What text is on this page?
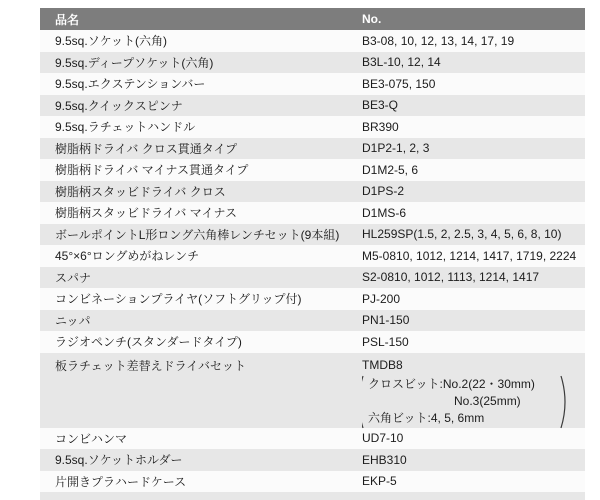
品名	No.
9.5sq.ソケット(六角)	B3-08, 10, 12, 13, 14, 17, 19
9.5sq.ディープソケット(六角)	B3L-10, 12, 14
9.5sq.エクステンションバー	BE3-075, 150
9.5sq.クイックスピンナ	BE3-Q
9.5sq.ラチェットハンドル	BR390
樹脂柄ドライバ クロス貫通タイプ	D1P2-1, 2, 3
樹脂柄ドライバ マイナス貫通タイプ	D1M2-5, 6
樹脂柄スタッビドライバ クロス	D1PS-2
樹脂柄スタッビドライバ マイナス	D1MS-6
ボールポイントL形ロング六角棒レンチセット(9本組)	HL259SP(1.5, 2, 2.5, 3, 4, 5, 6, 8, 10)
45°×6°ロングめがねレンチ	M5-0810, 1012, 1214, 1417, 1719, 2224
スパナ	S2-0810, 1012, 1113, 1214, 1417
コンビネーションプライヤ(ソフトグリップ付)	PJ-200
ニッパ	PN1-150
ラジオペンチ(スタンダードタイプ)	PSL-150
板ラチェット差替えドライバセット	TMDB8
クロスビット:No.2(22・30mm)
No.3(25mm)
六角ビット:4, 5, 6mm
コンビハンマ	UD7-10
9.5sq.ソケットホルダー	EHB310
片開きプラハードケース	EKP-5
